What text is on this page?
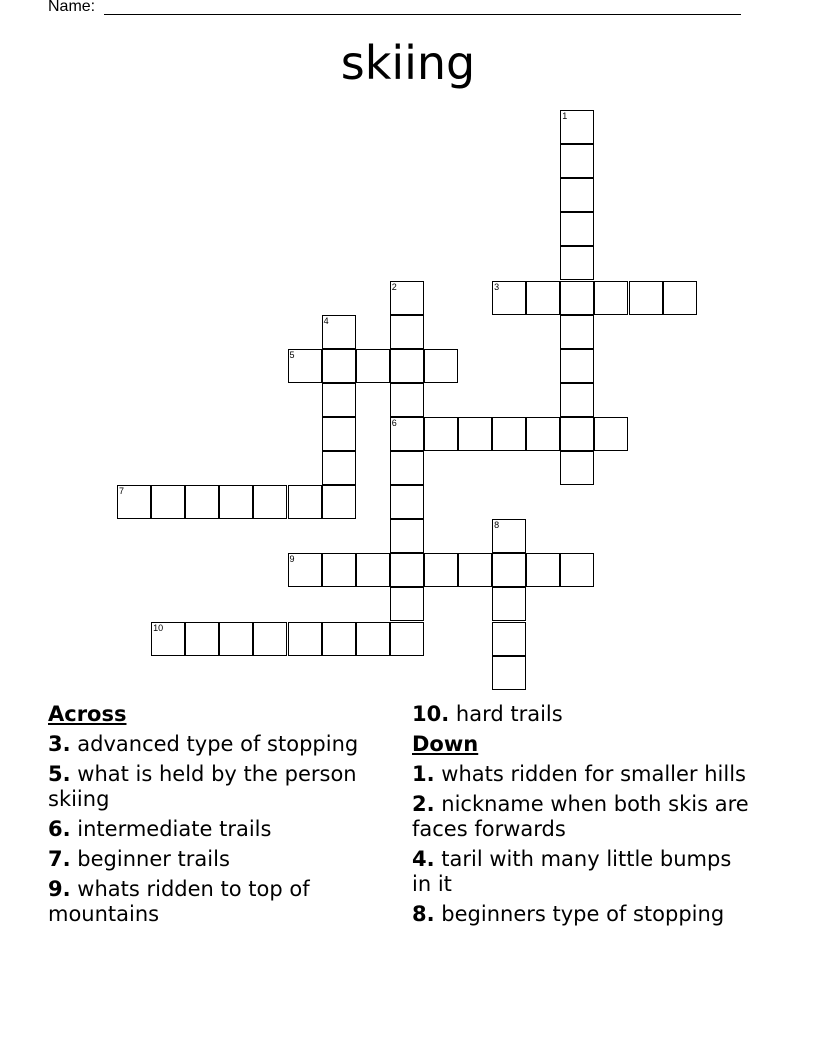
Name:
skiing
1
2
6
3
4
5
7
8
9
10
Across
3. advanced type of stopping
5. what is held by the person skiing
6. intermediate trails
7. beginner trails
9. whats ridden to top of mountains
10. hard trails
Down
1. whats ridden for smaller hills
2. nickname when both skis are faces forwards
4. taril with many little bumps in it
8. beginners type of stopping
